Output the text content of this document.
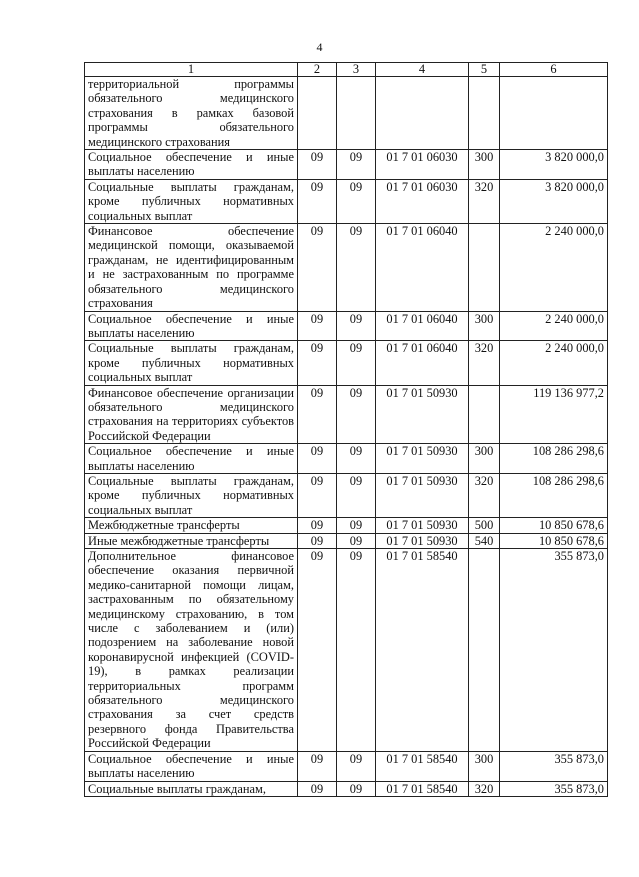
4
1	2	3	4	5	6
территориальной программы обязательного медицинского страхования в рамках базовой программы обязательного медицинского страхования					
Социальное обеспечение и иные выплаты населению	09	09	01 7 01 06030	300	3 820 000,0
Социальные выплаты гражданам, кроме публичных нормативных социальных выплат	09	09	01 7 01 06030	320	3 820 000,0
Финансовое обеспечение медицинской помощи, оказываемой гражданам, не идентифицированным и не застрахованным по программе обязательного медицинского страхования	09	09	01 7 01 06040		2 240 000,0
Социальное обеспечение и иные выплаты населению	09	09	01 7 01 06040	300	2 240 000,0
Социальные выплаты гражданам, кроме публичных нормативных социальных выплат	09	09	01 7 01 06040	320	2 240 000,0
Финансовое обеспечение организации обязательного медицинского страхования на территориях субъектов Российской Федерации	09	09	01 7 01 50930		119 136 977,2
Социальное обеспечение и иные выплаты населению	09	09	01 7 01 50930	300	108 286 298,6
Социальные выплаты гражданам, кроме публичных нормативных социальных выплат	09	09	01 7 01 50930	320	108 286 298,6
Межбюджетные трансферты	09	09	01 7 01 50930	500	10 850 678,6
Иные межбюджетные трансферты	09	09	01 7 01 50930	540	10 850 678,6
Дополнительное финансовое обеспечение оказания первичной медико-санитарной помощи лицам, застрахованным по обязательному медицинскому страхованию, в том числе с заболеванием и (или) подозрением на заболевание новой коронавирусной инфекцией (COVID-19), в рамках реализации территориальных программ обязательного медицинского страхования за счет средств резервного фонда Правительства Российской Федерации	09	09	01 7 01 58540		355 873,0
Социальное обеспечение и иные выплаты населению	09	09	01 7 01 58540	300	355 873,0
Социальные выплаты гражданам,	09	09	01 7 01 58540	320	355 873,0
